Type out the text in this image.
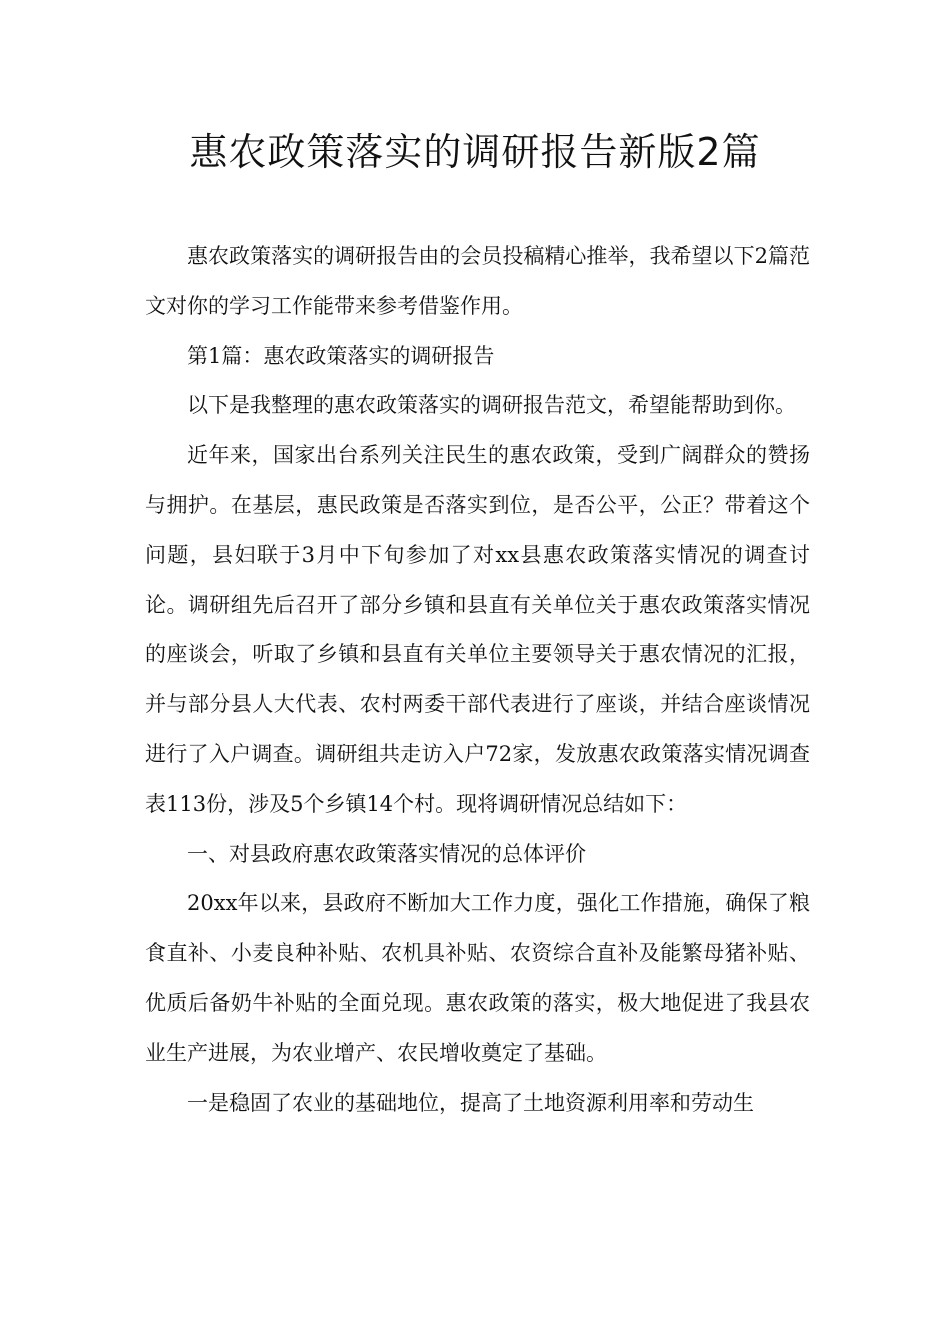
惠农政策落实的调研报告新版2篇

惠农政策落实的调研报告由的会员投稿精心推举，我希望以下2篇范文对你的学习工作能带来参考借鉴作用。

第1篇：惠农政策落实的调研报告

以下是我整理的惠农政策落实的调研报告范文，希望能帮助到你。

近年来，国家出台系列关注民生的惠农政策，受到广阔群众的赞扬与拥护。在基层，惠民政策是否落实到位，是否公平，公正？带着这个问题，县妇联于3月中下旬参加了对xx县惠农政策落实情况的调查讨论。调研组先后召开了部分乡镇和县直有关单位关于惠农政策落实情况的座谈会，听取了乡镇和县直有关单位主要领导关于惠农情况的汇报，并与部分县人大代表、农村两委干部代表进行了座谈，并结合座谈情况进行了入户调查。调研组共走访入户72家，发放惠农政策落实情况调查表113份，涉及5个乡镇14个村。现将调研情况总结如下：

一、对县政府惠农政策落实情况的总体评价

20xx年以来，县政府不断加大工作力度，强化工作措施，确保了粮食直补、小麦良种补贴、农机具补贴、农资综合直补及能繁母猪补贴、优质后备奶牛补贴的全面兑现。惠农政策的落实，极大地促进了我县农业生产进展，为农业增产、农民增收奠定了基础。

一是稳固了农业的基础地位，提高了土地资源利用率和劳动生
